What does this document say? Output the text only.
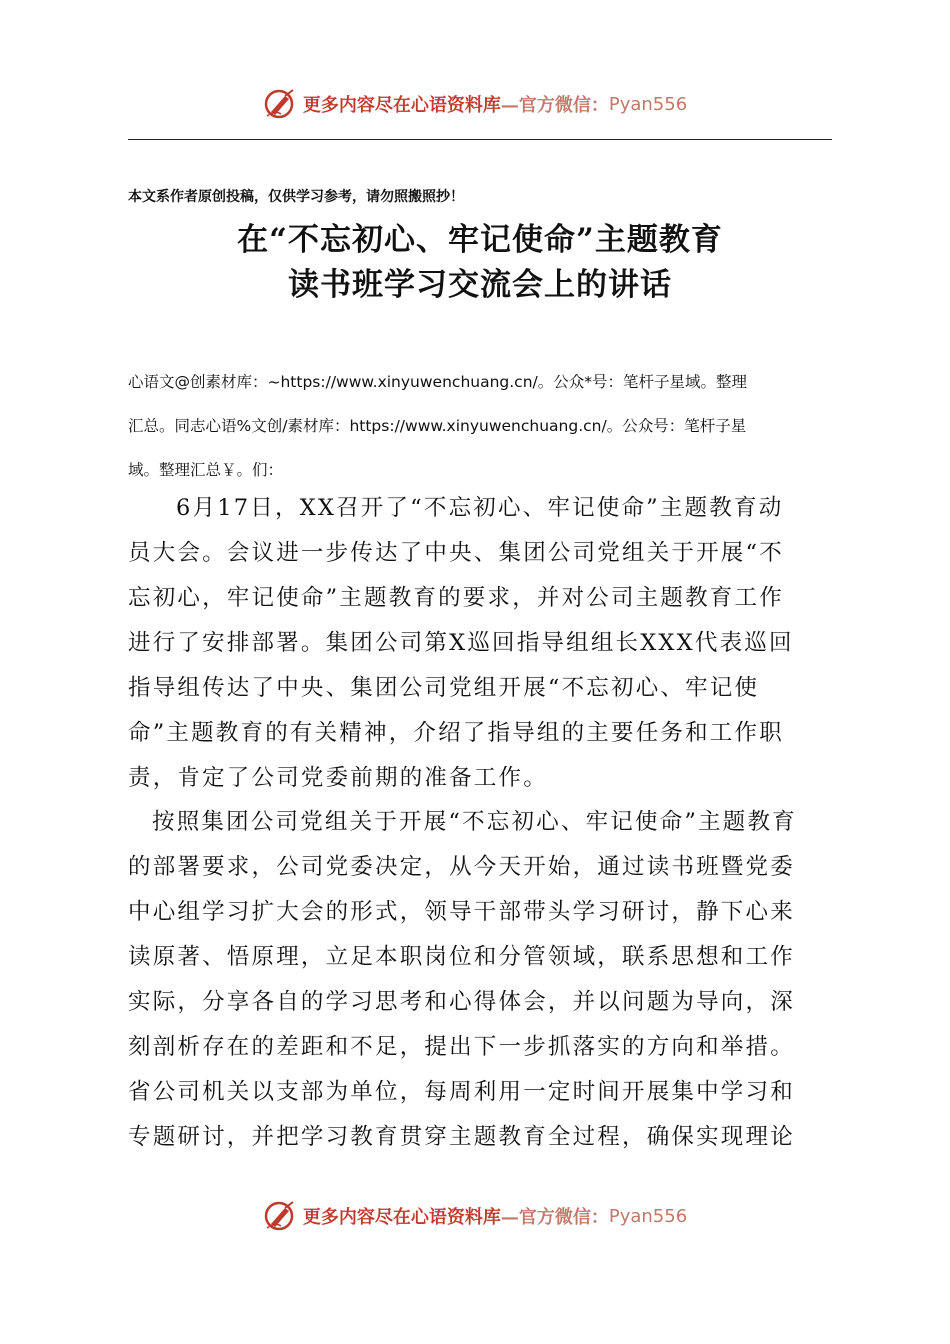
更多内容尽在心语资料库 —官方微信： Pyan556
本文系作者原创投稿，仅供学习参考，请勿照搬照抄！
在“不忘初心、牢记使命”主题教育
读书班学习交流会上的讲话
心语文@创素材库：~https://www.xinyuwenchuang.cn/。公众*号：笔杆子星域。整理
汇总。同志心语%文创/素材库：https://www.xinyuwenchuang.cn/。公众号：笔杆子星
域。整理汇总￥。们：
6月17日，XX召开了“不忘初心、牢记使命”主题教育动
员大会。会议进一步传达了中央、集团公司党组关于开展“不
忘初心，牢记使命”主题教育的要求，并对公司主题教育工作
进行了安排部署。集团公司第X巡回指导组组长XXX代表巡回
指导组传达了中央、集团公司党组开展“不忘初心、牢记使
命”主题教育的有关精神，介绍了指导组的主要任务和工作职
责，肯定了公司党委前期的准备工作。
按照集团公司党组关于开展“不忘初心、牢记使命”主题教育
的部署要求，公司党委决定，从今天开始，通过读书班暨党委
中心组学习扩大会的形式，领导干部带头学习研讨，静下心来
读原著、悟原理，立足本职岗位和分管领域，联系思想和工作
实际，分享各自的学习思考和心得体会，并以问题为导向，深
刻剖析存在的差距和不足，提出下一步抓落实的方向和举措。
省公司机关以支部为单位，每周利用一定时间开展集中学习和
专题研讨，并把学习教育贯穿主题教育全过程，确保实现理论
更多内容尽在心语资料库 —官方微信： Pyan556
